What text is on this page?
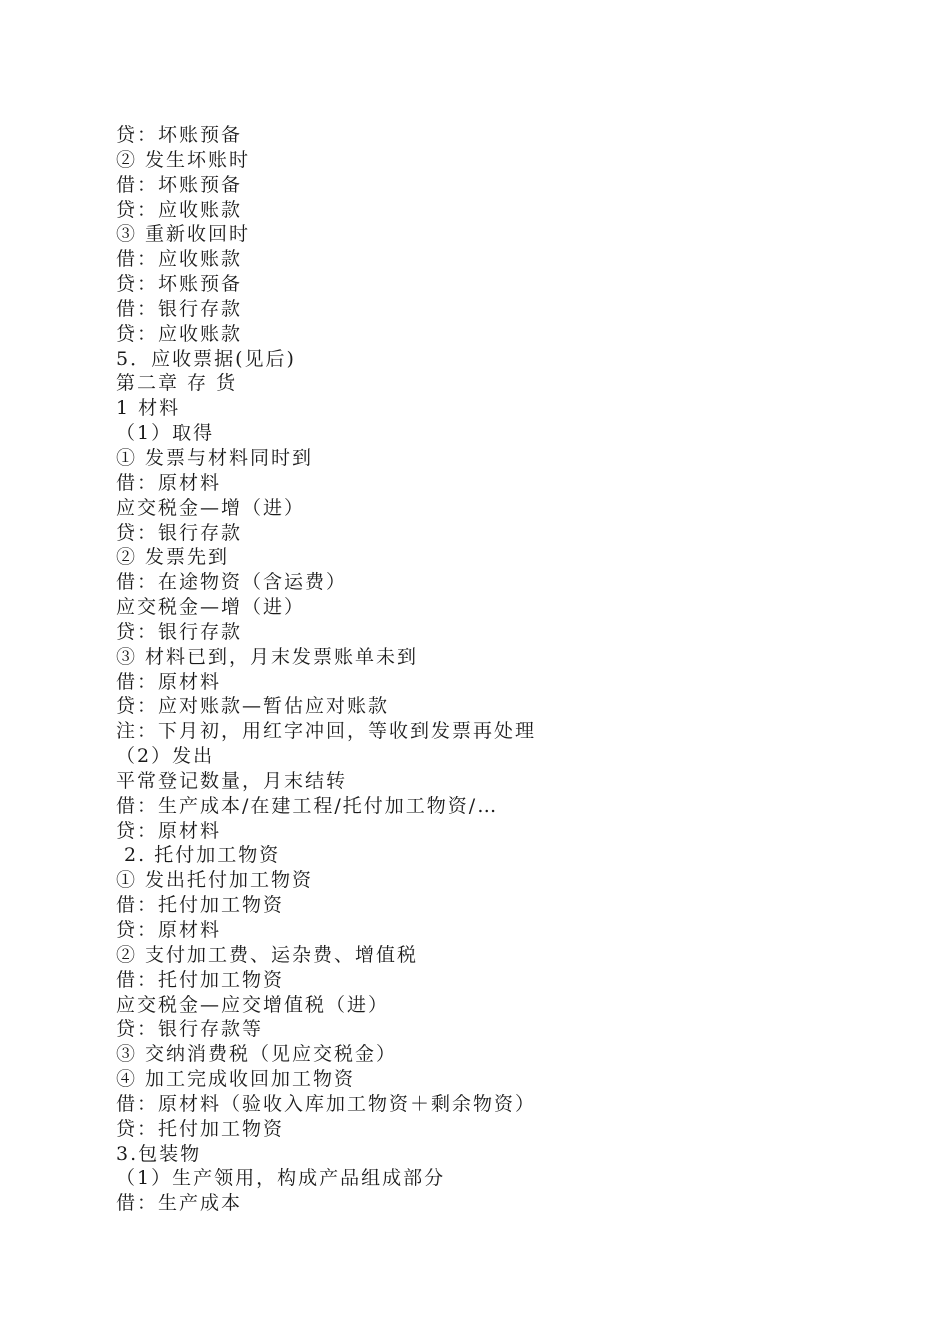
贷：坏账预备
② 发生坏账时
借：坏账预备
贷：应收账款
③ 重新收回时
借：应收账款
贷：坏账预备
借：银行存款
贷：应收账款
5．应收票据(见后)
第二章 存 货
1 材料
（1）取得
① 发票与材料同时到
借：原材料
应交税金—增（进）
贷：银行存款
② 发票先到
借：在途物资（含运费）
应交税金—增（进）
贷：银行存款
③ 材料已到，月末发票账单未到
借：原材料
贷：应对账款—暂估应对账款
注：下月初，用红字冲回，等收到发票再处理
（2）发出
平常登记数量，月末结转
借：生产成本/在建工程/托付加工物资/…
贷：原材料
2. 托付加工物资
① 发出托付加工物资
借：托付加工物资
贷：原材料
② 支付加工费、运杂费、增值税
借：托付加工物资
应交税金—应交增值税（进）
贷：银行存款等
③ 交纳消费税（见应交税金）
④ 加工完成收回加工物资
借：原材料（验收入库加工物资＋剩余物资）
贷：托付加工物资
3.包装物
（1）生产领用，构成产品组成部分
借：生产成本
